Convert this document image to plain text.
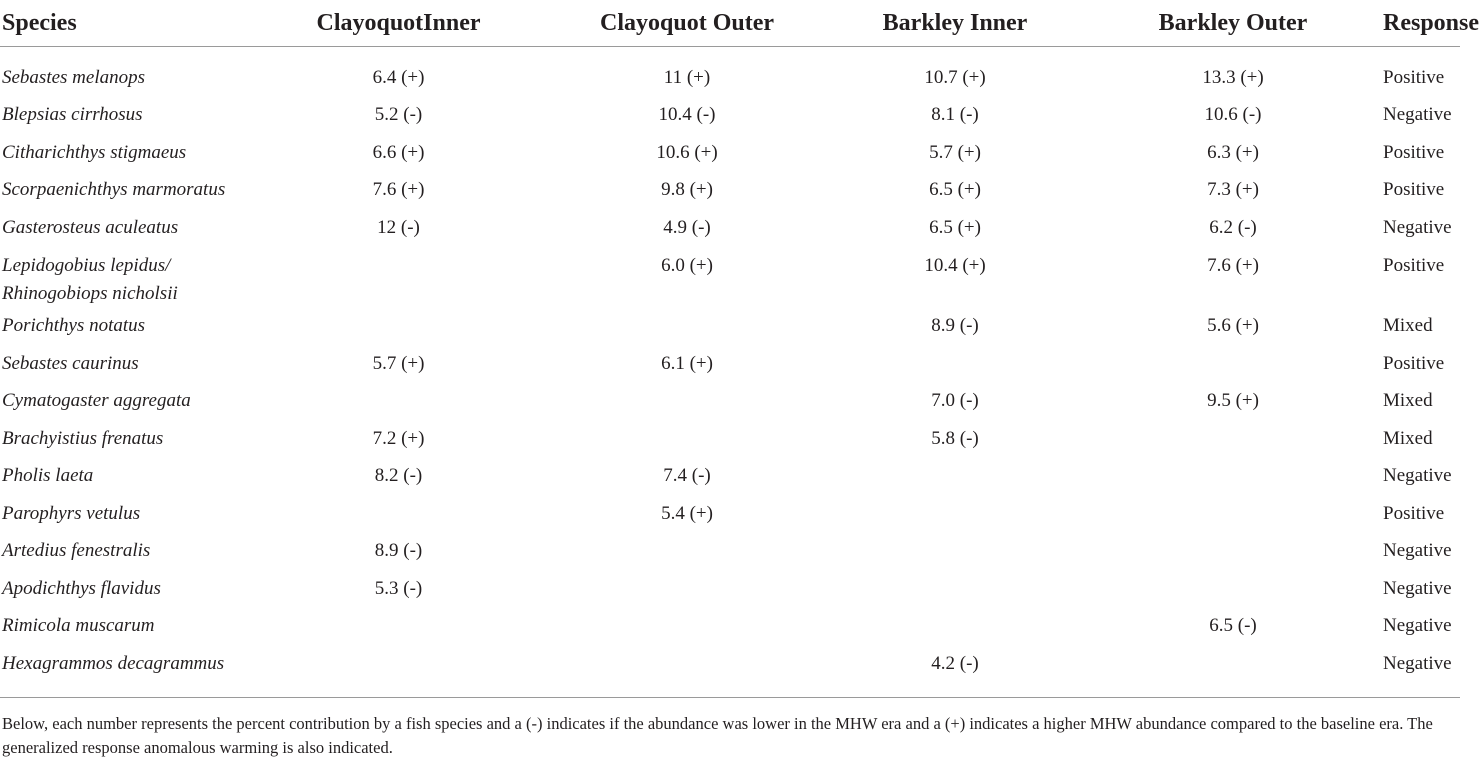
Species	ClayoquotInner	Clayoquot Outer	Barkley Inner	Barkley Outer	Response
Sebastes melanops	6.4 (+)	11 (+)	10.7 (+)	13.3 (+)	Positive
Blepsias cirrhosus	5.2 (-)	10.4 (-)	8.1 (-)	10.6 (-)	Negative
Citharichthys stigmaeus	6.6 (+)	10.6 (+)	5.7 (+)	6.3 (+)	Positive
Scorpaenichthys marmoratus	7.6 (+)	9.8 (+)	6.5 (+)	7.3 (+)	Positive
Gasterosteus aculeatus	12 (-)	4.9 (-)	6.5 (+)	6.2 (-)	Negative
Lepidogobius lepidus/
Rhinogobiops nicholsii		6.0 (+)	10.4 (+)	7.6 (+)	Positive
Porichthys notatus			8.9 (-)	5.6 (+)	Mixed
Sebastes caurinus	5.7 (+)	6.1 (+)			Positive
Cymatogaster aggregata			7.0 (-)	9.5 (+)	Mixed
Brachyistius frenatus	7.2 (+)		5.8 (-)		Mixed
Pholis laeta	8.2 (-)	7.4 (-)			Negative
Parophyrs vetulus		5.4 (+)			Positive
Artedius fenestralis	8.9 (-)				Negative
Apodichthys flavidus	5.3 (-)				Negative
Rimicola muscarum				6.5 (-)	Negative
Hexagrammos decagrammus			4.2 (-)		Negative
Below, each number represents the percent contribution by a fish species and a (-) indicates if the abundance was lower in the MHW era and a (+) indicates a higher MHW abundance compared to the baseline era. The generalized response anomalous warming is also indicated.
